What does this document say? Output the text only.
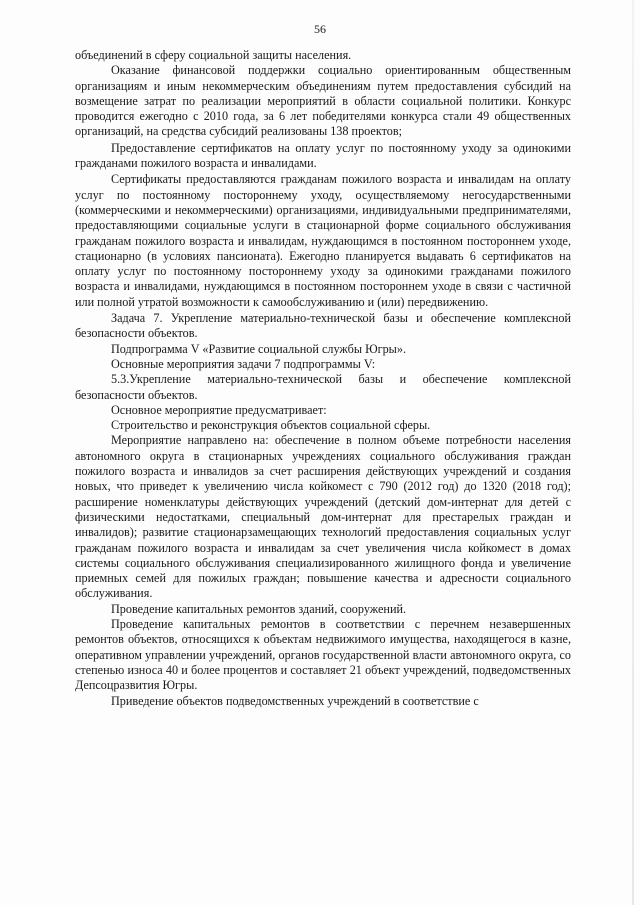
56

объединений в сферу социальной защиты населения.

Оказание финансовой поддержки социально ориентированным общественным организациям и иным некоммерческим объединениям путем предоставления субсидий на возмещение затрат по реализации мероприятий в области социальной политики. Конкурс проводится ежегодно с 2010 года, за 6 лет победителями конкурса стали 49 общественных организаций, на средства субсидий реализованы 138 проектов;

Предоставление сертификатов на оплату услуг по постоянному уходу за одинокими гражданами пожилого возраста и инвалидами.

Сертификаты предоставляются гражданам пожилого возраста и инвалидам на оплату услуг по постоянному постороннему уходу, осуществляемому негосударственными (коммерческими и некоммерческими) организациями, индивидуальными предпринимателями, предоставляющими социальные услуги в стационарной форме социального обслуживания гражданам пожилого возраста и инвалидам, нуждающимся в постоянном постороннем уходе, стационарно (в условиях пансионата). Ежегодно планируется выдавать 6 сертификатов на оплату услуг по постоянному постороннему уходу за одинокими гражданами пожилого возраста и инвалидами, нуждающимся в постоянном постороннем уходе в связи с частичной или полной утратой возможности к самообслуживанию и (или) передвижению.

Задача 7. Укрепление материально-технической базы и обеспечение комплексной безопасности объектов.

Подпрограмма V «Развитие социальной службы Югры».

Основные мероприятия задачи 7 подпрограммы V:

5.3.Укрепление материально-технической базы и обеспечение комплексной безопасности объектов.

Основное мероприятие предусматривает:

Строительство и реконструкция объектов социальной сферы.

Мероприятие направлено на: обеспечение в полном объеме потребности населения автономного округа в стационарных учреждениях социального обслуживания граждан пожилого возраста и инвалидов за счет расширения действующих учреждений и создания новых, что приведет к увеличению числа койкомест с 790 (2012 год) до 1320 (2018 год); расширение номенклатуры действующих учреждений (детский дом-интернат для детей с физическими недостатками, специальный дом-интернат для престарелых граждан и инвалидов); развитие стационарзамещающих технологий предоставления социальных услуг гражданам пожилого возраста и инвалидам за счет увеличения числа койкомест в домах системы социального обслуживания специализированного жилищного фонда и увеличение приемных семей для пожилых граждан; повышение качества и адресности социального обслуживания.

Проведение капитальных ремонтов зданий, сооружений.

Проведение капитальных ремонтов в соответствии с перечнем незавершенных ремонтов объектов, относящихся к объектам недвижимого имущества, находящегося в казне, оперативном управлении учреждений, органов государственной власти автономного округа, со степенью износа 40 и более процентов и составляет 21 объект учреждений, подведомственных Депсоцразвития Югры.

Приведение объектов подведомственных учреждений в соответствие с
